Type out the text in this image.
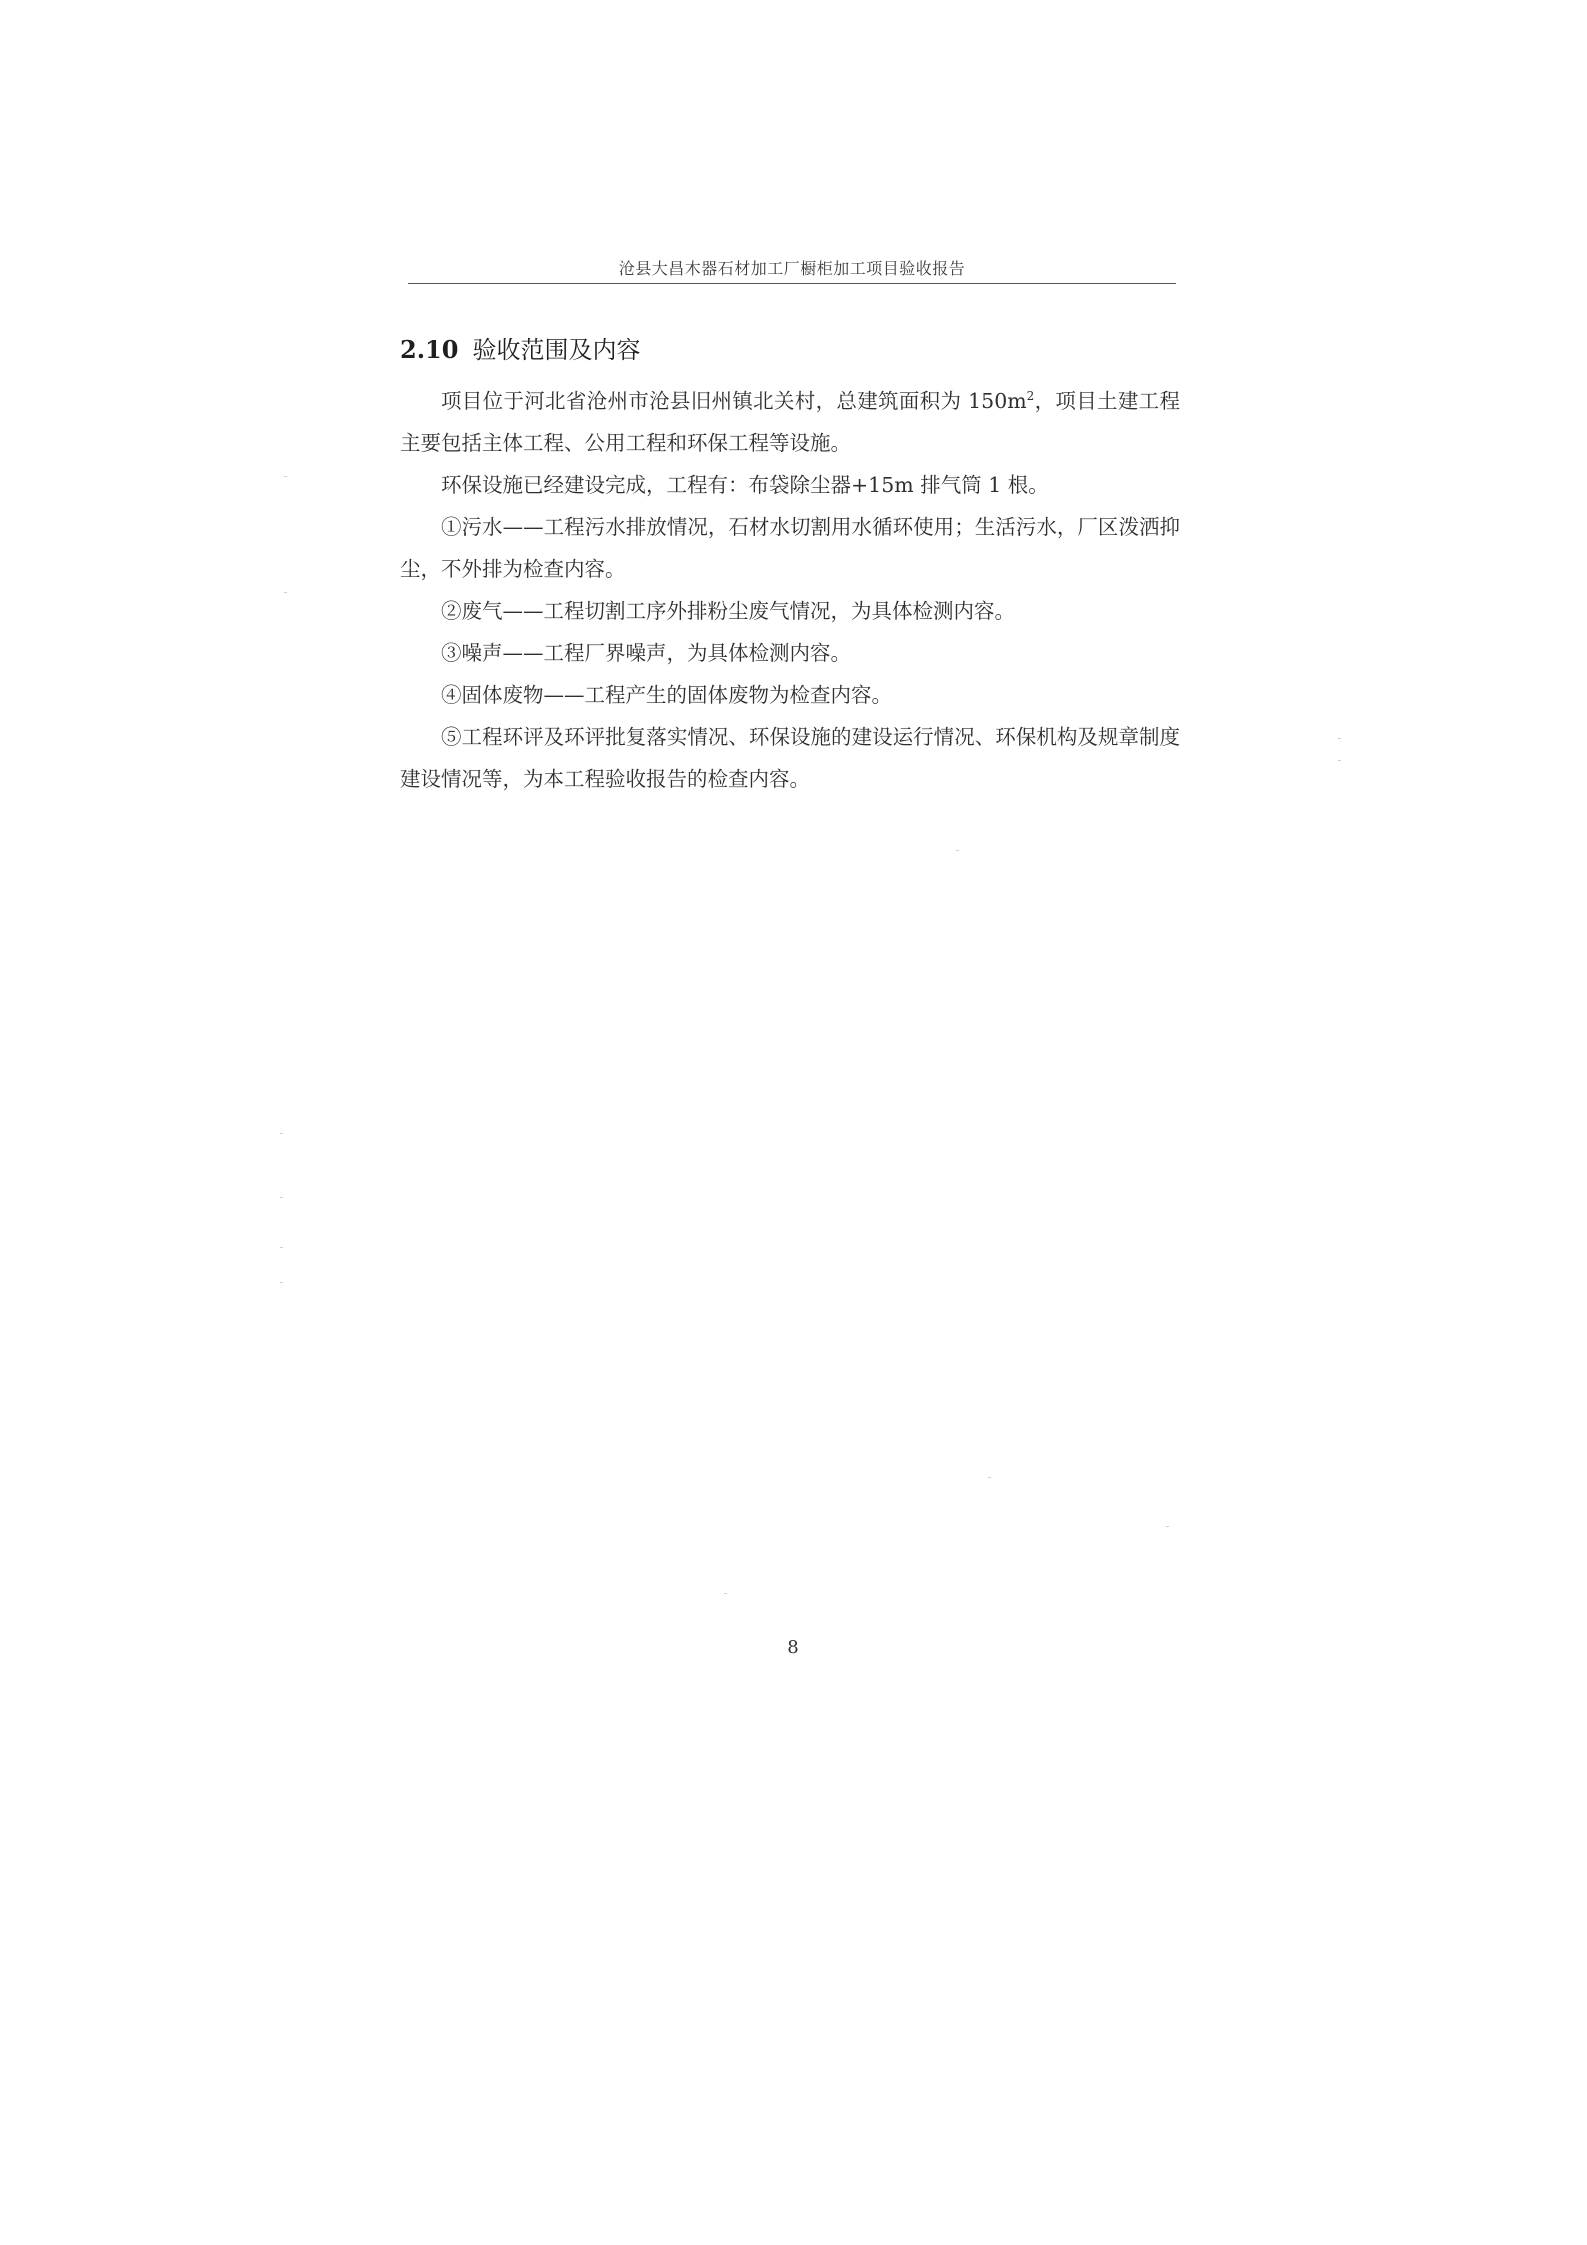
沧县大昌木器石材加工厂橱柜加工项目验收报告
2.10 验收范围及内容

项目位于河北省沧州市沧县旧州镇北关村，总建筑面积为 $150m^2$，项目土建工程主要包括主体工程、公用工程和环保工程等设施。

环保设施已经建设完成，工程有：布袋除尘器+15m 排气筒 1 根。

①污水——工程污水排放情况，石材水切割用水循环使用；生活污水，厂区泼洒抑尘，不外排为检查内容。

②废气——工程切割工序外排粉尘废气情况，为具体检测内容。

③噪声——工程厂界噪声，为具体检测内容。

④固体废物——工程产生的固体废物为检查内容。

⑤工程环评及环评批复落实情况、环保设施的建设运行情况、环保机构及规章制度建设情况等，为本工程验收报告的检查内容。

8
